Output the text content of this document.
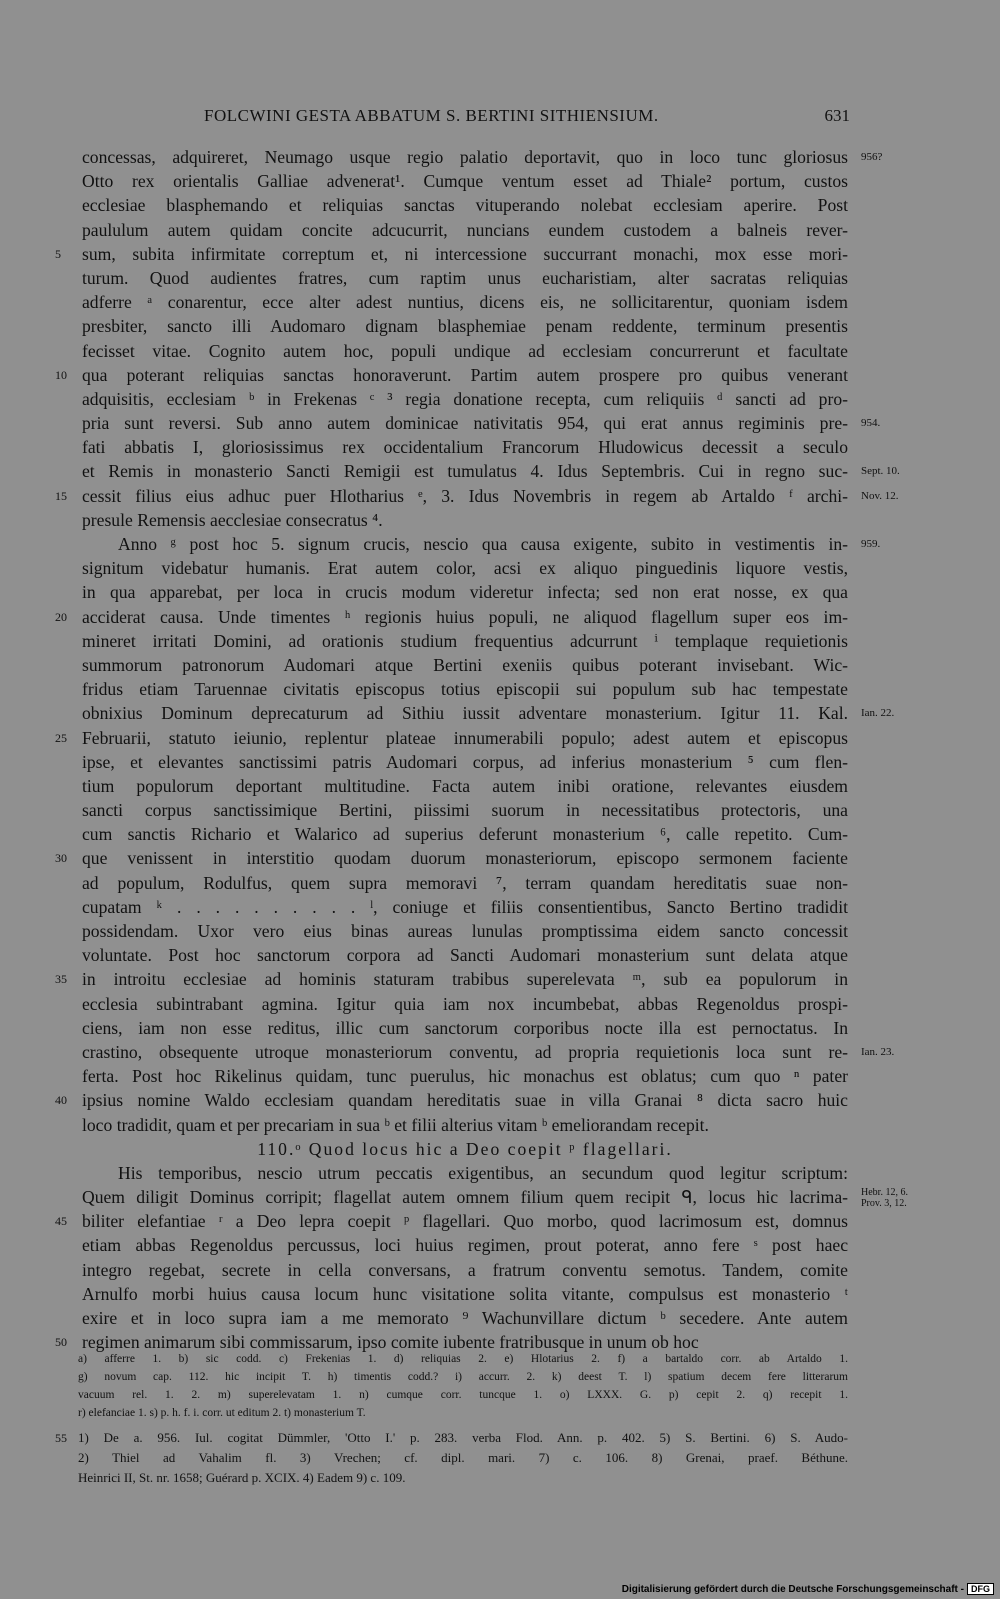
FOLCWINI GESTA ABBATUM S. BERTINI SITHIENSIUM.	631
concessas, adquireret, Neumago usque regio palatio deportavit, quo in loco tunc gloriosus 956?
Otto rex orientalis Galliae advenerat¹. Cumque ventum esset ad Thiale² portum, custos
ecclesiae blasphemando et reliquias sanctas vituperando nolebat ecclesiam aperire. Post
paululum autem quidam concite adcucurrit, nuncians eundem custodem a balneis rever-
5	sum, subita infirmitate correptum et, ni intercessione succurrant monachi, mox esse mori-
turum. Quod audientes fratres, cum raptim unus eucharistiam, alter sacratas reliquias
adferre ᵃ conarentur, ecce alter adest nuntius, dicens eis, ne sollicitarentur, quoniam isdem
presbiter, sancto illi Audomaro dignam blasphemiae penam reddente, terminum presentis
fecisset vitae. Cognito autem hoc, populi undique ad ecclesiam concurrerunt et facultate
10 qua poterant reliquias sanctas honoraverunt. Partim autem prospere pro quibus venerant
adquisitis, ecclesiam ᵇ in Frekenas ᶜ ³ regia donatione recepta, cum reliquiis ᵈ sancti ad pro-
pria sunt reversi. Sub anno autem dominicae nativitatis 954, qui erat annus regiminis pre- 954.
fati abbatis I, gloriosissimus rex occidentalium Francorum Hludowicus decessit a seculo
et Remis in monasterio Sancti Remigii est tumulatus 4. Idus Septembris. Cui in regno suc- Sept. 10.
15 cessit filius eius adhuc puer Hlotharius ᵉ, 3. Idus Novembris in regem ab Artaldo ᶠ archi- Nov. 12.
presule Remensis aecclesiae consecratus ⁴.
Anno ᵍ post hoc 5. signum crucis, nescio qua causa exigente, subito in vestimentis in- 959.
signitum videbatur humanis. Erat autem color, acsi ex aliquo pinguedinis liquore vestis,
in qua apparebat, per loca in crucis modum videretur infecta; sed non erat nosse, ex qua
20 acciderat causa. Unde timentes ʰ regionis huius populi, ne aliquod flagellum super eos im-
mineret irritati Domini, ad orationis studium frequentius adcurrunt ⁱ templaque requietionis
summorum patronorum Audomari atque Bertini exeniis quibus poterant invisebant. Wic-
fridus etiam Taruennae civitatis episcopus totius episcopii sui populum sub hac tempestate
obnixius Dominum deprecaturum ad Sithiu iussit adventare monasterium. Igitur 11. Kal. Ian. 22.
25 Februarii, statuto ieiunio, replentur plateae innumerabili populo; adest autem et episcopus
ipse, et elevantes sanctissimi patris Audomari corpus, ad inferius monasterium ⁵ cum flen-
tium populorum deportant multitudine. Facta autem inibi oratione, relevantes eiusdem
sancti corpus sanctissimique Bertini, piissimi suorum in necessitatibus protectoris, una
cum sanctis Richario et Walarico ad superius deferunt monasterium ⁶, calle repetito. Cum-
30 que venissent in interstitio quodam duorum monasteriorum, episcopo sermonem faciente
ad populum, Rodulfus, quem supra memoravi ⁷, terram quandam hereditatis suae non-
cupatam ᵏ . . . . . . . . . . ˡ, coniuge et filiis consentientibus, Sancto Bertino tradidit
possidendam. Uxor vero eius binas aureas lunulas promptissima eidem sancto concessit
voluntate. Post hoc sanctorum corpora ad Sancti Audomari monasterium sunt delata atque
35 in introitu ecclesiae ad hominis staturam trabibus superelevata ᵐ, sub ea populorum in
ecclesia subintrabant agmina. Igitur quia iam nox incumbebat, abbas Regenoldus prospi-
ciens, iam non esse reditus, illic cum sanctorum corporibus nocte illa est pernoctatus. In
crastino, obsequente utroque monasteriorum conventu, ad propria requietionis loca sunt re- Ian. 23.
ferta. Post hoc Rikelinus quidam, tunc puerulus, hic monachus est oblatus; cum quo ⁿ pater
40 ipsius nomine Waldo ecclesiam quandam hereditatis suae in villa Granai ⁸ dicta sacro huic
loco tradidit, quam et per precariam in sua ᵇ et filii alterius vitam ᵇ emeliorandam recepit.
110.ᵒ Quod locus hic a Deo coepit ᵖ flagellari.
His temporibus, nescio utrum peccatis exigentibus, an secundum quod legitur scriptum:
Quem diligit Dominus corripit; flagellat autem omnem filium quem recipit ᑫ, locus hic lacrima- Hebr. 12, 6.
Prov. 3, 12.
45 biliter elefantiae ʳ a Deo lepra coepit ᵖ flagellari. Quo morbo, quod lacrimosum est, domnus
etiam abbas Regenoldus percussus, loci huius regimen, prout poterat, anno fere ˢ post haec
integro regebat, secrete in cella conversans, a fratrum conventu semotus. Tandem, comite
Arnulfo morbi huius causa locum hunc visitatione solita vitante, compulsus est monasterio ᵗ
exire et in loco supra iam a me memorato ⁹ Wachunvillare dictum ᵇ secedere. Ante autem
50 regimen animarum sibi commissarum, ipso comite iubente fratribusque in unum ob hoc
a) afferre 1. b) sic codd. c) Frekenias 1. d) reliquias 2. e) Hlotarius 2. f) a bartaldo corr. ab Artaldo 1.
g) novum cap. 112. hic incipit T. h) timentis codd.? i) accurr. 2. k) deest T. l) spatium decem fere litterarum
vacuum rel. 1. 2. m) superelevatam 1. n) cumque corr. tuncque 1. o) LXXX. G. p) cepit 2. q) recepit 1.
r) elefanciae 1. s) p. h. f. i. corr. ut editum 2. t) monasterium T.
55 1) De a. 956. Iul. cogitat Dümmler, 'Otto I.' p. 283. verba Flod. Ann. p. 402. 5) S. Bertini. 6) S. Audo-
2) Thiel ad Vahalim fl. 3) Vrechen; cf. dipl. mari. 7) c. 106. 8) Grenai, praef. Béthune.
Heinrici II, St. nr. 1658; Guérard p. XCIX. 4) Eadem 9) c. 109.
Digitalisierung gefördert durch die Deutsche Forschungsgemeinschaft - DFG
